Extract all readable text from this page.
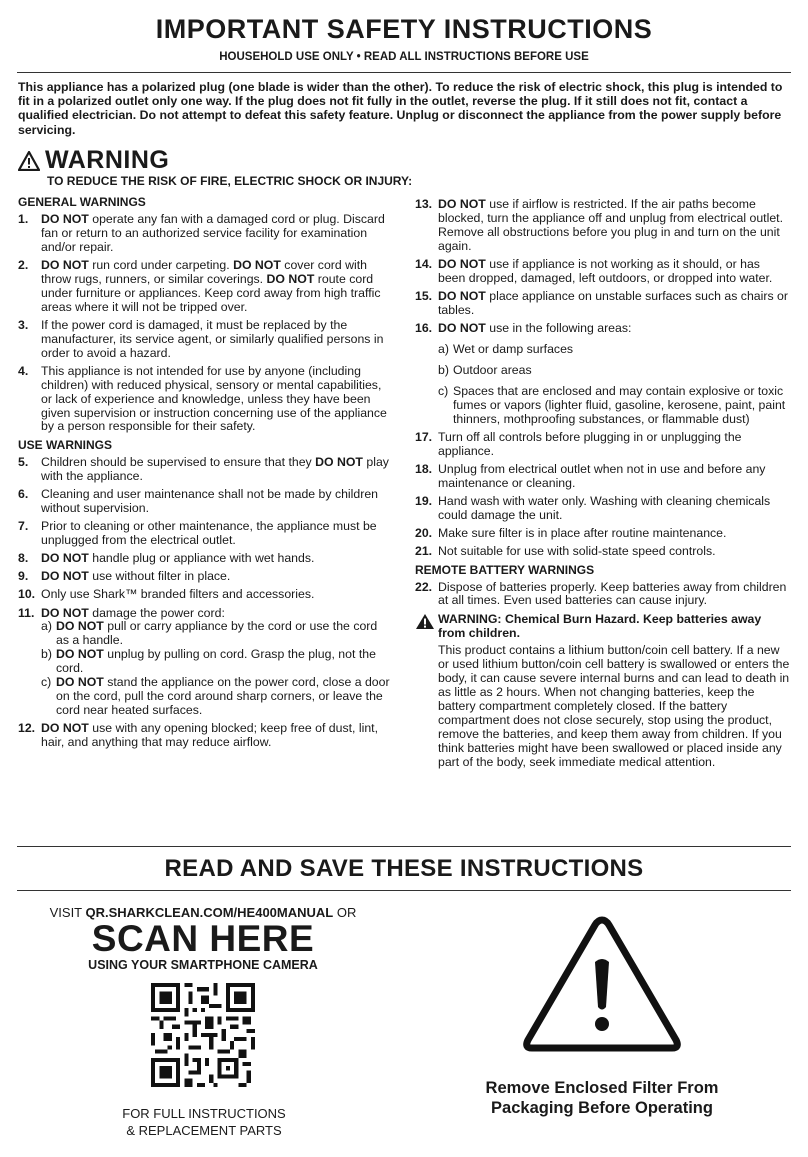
IMPORTANT SAFETY INSTRUCTIONS
HOUSEHOLD USE ONLY • READ ALL INSTRUCTIONS BEFORE USE
This appliance has a polarized plug (one blade is wider than the other). To reduce the risk of electric shock, this plug is intended to fit in a polarized outlet only one way. If the plug does not fit fully in the outlet, reverse the plug. If it still does not fit, contact a qualified electrician. Do not attempt to defeat this safety feature. Unplug or disconnect the appliance from the power supply before servicing.
WARNING
TO REDUCE THE RISK OF FIRE, ELECTRIC SHOCK OR INJURY:
GENERAL WARNINGS
1.	DO NOT operate any fan with a damaged cord or plug. Discard fan or return to an authorized service facility for examination and/or repair.
2.	DO NOT run cord under carpeting. DO NOT cover cord with throw rugs, runners, or similar coverings. DO NOT route cord under furniture or appliances. Keep cord away from high traffic areas where it will not be tripped over.
3.	If the power cord is damaged, it must be replaced by the manufacturer, its service agent, or similarly qualified persons in order to avoid a hazard.
4.	This appliance is not intended for use by anyone (including children) with reduced physical, sensory or mental capabilities, or lack of experience and knowledge, unless they have been given supervision or instruction concerning use of the appliance by a person responsible for their safety.
USE WARNINGS
5.	Children should be supervised to ensure that they DO NOT play with the appliance.
6.	Cleaning and user maintenance shall not be made by children without supervision.
7.	Prior to cleaning or other maintenance, the appliance must be unplugged from the electrical outlet.
8.	DO NOT handle plug or appliance with wet hands.
9.	DO NOT use without filter in place.
10. Only use Shark™ branded filters and accessories.
11. DO NOT damage the power cord:
a) DO NOT pull or carry appliance by the cord or use the cord as a handle.
b) DO NOT unplug by pulling on cord. Grasp the plug, not the cord.
c) DO NOT stand the appliance on the power cord, close a door on the cord, pull the cord around sharp corners, or leave the cord near heated surfaces.
12. DO NOT use with any opening blocked; keep free of dust, lint, hair, and anything that may reduce airflow.
13. DO NOT use if airflow is restricted. If the air paths become blocked, turn the appliance off and unplug from electrical outlet. Remove all obstructions before you plug in and turn on the unit again.
14. DO NOT use if appliance is not working as it should, or has been dropped, damaged, left outdoors, or dropped into water.
15. DO NOT place appliance on unstable surfaces such as chairs or tables.
16. DO NOT use in the following areas:
a) Wet or damp surfaces
b) Outdoor areas
c) Spaces that are enclosed and may contain explosive or toxic fumes or vapors (lighter fluid, gasoline, kerosene, paint, paint thinners, mothproofing substances, or flammable dust)
17. Turn off all controls before plugging in or unplugging the appliance.
18. Unplug from electrical outlet when not in use and before any maintenance or cleaning.
19. Hand wash with water only. Washing with cleaning chemicals could damage the unit.
20. Make sure filter is in place after routine maintenance.
21. Not suitable for use with solid-state speed controls.
REMOTE BATTERY WARNINGS
22. Dispose of batteries properly. Keep batteries away from children at all times. Even used batteries can cause injury.
WARNING: Chemical Burn Hazard. Keep batteries away from children.
This product contains a lithium button/coin cell battery. If a new or used lithium button/coin cell battery is swallowed or enters the body, it can cause severe internal burns and can lead to death in as little as 2 hours. When not changing batteries, keep the battery compartment completely closed. If the battery compartment does not close securely, stop using the product, remove the batteries, and keep them away from children. If you think batteries might have been swallowed or placed inside any part of the body, seek immediate medical attention.
READ AND SAVE THESE INSTRUCTIONS
VISIT QR.SHARKCLEAN.COM/HE400MANUAL OR
SCAN HERE
USING YOUR SMARTPHONE CAMERA
FOR FULL INSTRUCTIONS
& REPLACEMENT PARTS
Remove Enclosed Filter From
Packaging Before Operating
